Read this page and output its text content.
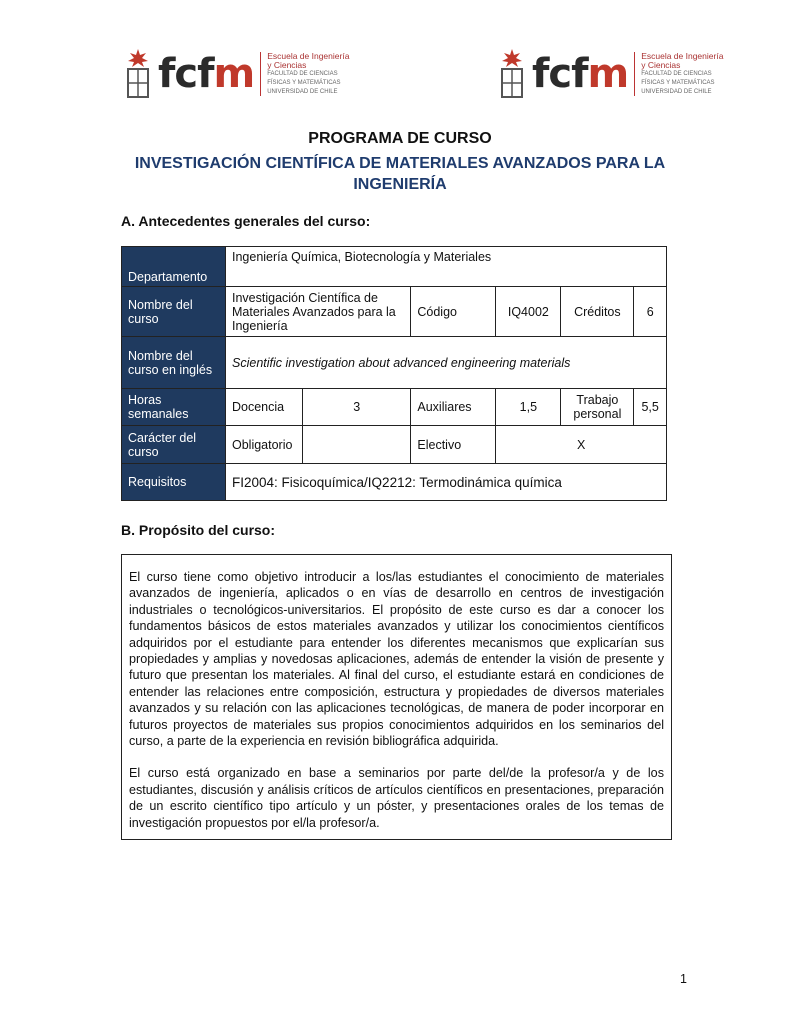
fcfm Escuela de Ingeniería
y Ciencias
FACULTAD DE CIENCIAS
FÍSICAS Y MATEMÁTICAS
UNIVERSIDAD DE CHILE	fcfm Escuela de Ingeniería
y Ciencias
FACULTAD DE CIENCIAS
FÍSICAS Y MATEMÁTICAS
UNIVERSIDAD DE CHILE
PROGRAMA DE CURSO
INVESTIGACIÓN CIENTÍFICA DE MATERIALES AVANZADOS PARA LA
INGENIERÍA
A. Antecedentes generales del curso:
Departamento	Ingeniería Química, Biotecnología y Materiales					

Nombre del curso	Investigación Científica de Materiales Avanzados para la Ingeniería		Código	IQ4002	Créditos	6
Nombre del curso en inglés	Scientific investigation about advanced engineering materials					
Horas semanales	Docencia	3	Auxiliares	1,5	Trabajo personal	5,5
Carácter del curso	Obligatorio		Electivo	X		
Requisitos	FI2004: Fisicoquímica/IQ2212: Termodinámica química					
B. Propósito del curso:

El curso tiene como objetivo introducir a los/las estudiantes el conocimiento de materiales avanzados de ingeniería, aplicados o en vías de desarrollo en centros de investigación industriales o tecnológicos-universitarios. El propósito de este curso es dar a conocer los fundamentos básicos de estos materiales avanzados y utilizar los conocimientos científicos adquiridos por el estudiante para entender los diferentes mecanismos que explicarían sus propiedades y amplias y novedosas aplicaciones, además de entender la visión de presente y futuro que presentan los materiales. Al final del curso, el estudiante estará en condiciones de entender las relaciones entre composición, estructura y propiedades de diversos materiales avanzados y su relación con las aplicaciones tecnológicas, de manera de poder incorporar en futuros proyectos de materiales sus propios conocimientos adquiridos en los seminarios del curso, a parte de la experiencia en revisión bibliográfica adquirida.

El curso está organizado en base a seminarios por parte del/de la profesor/a y de los estudiantes, discusión y análisis críticos de artículos científicos en presentaciones, preparación de un escrito científico tipo artículo y un póster, y presentaciones orales de los temas de investigación propuestos por el/la profesor/a.

1
